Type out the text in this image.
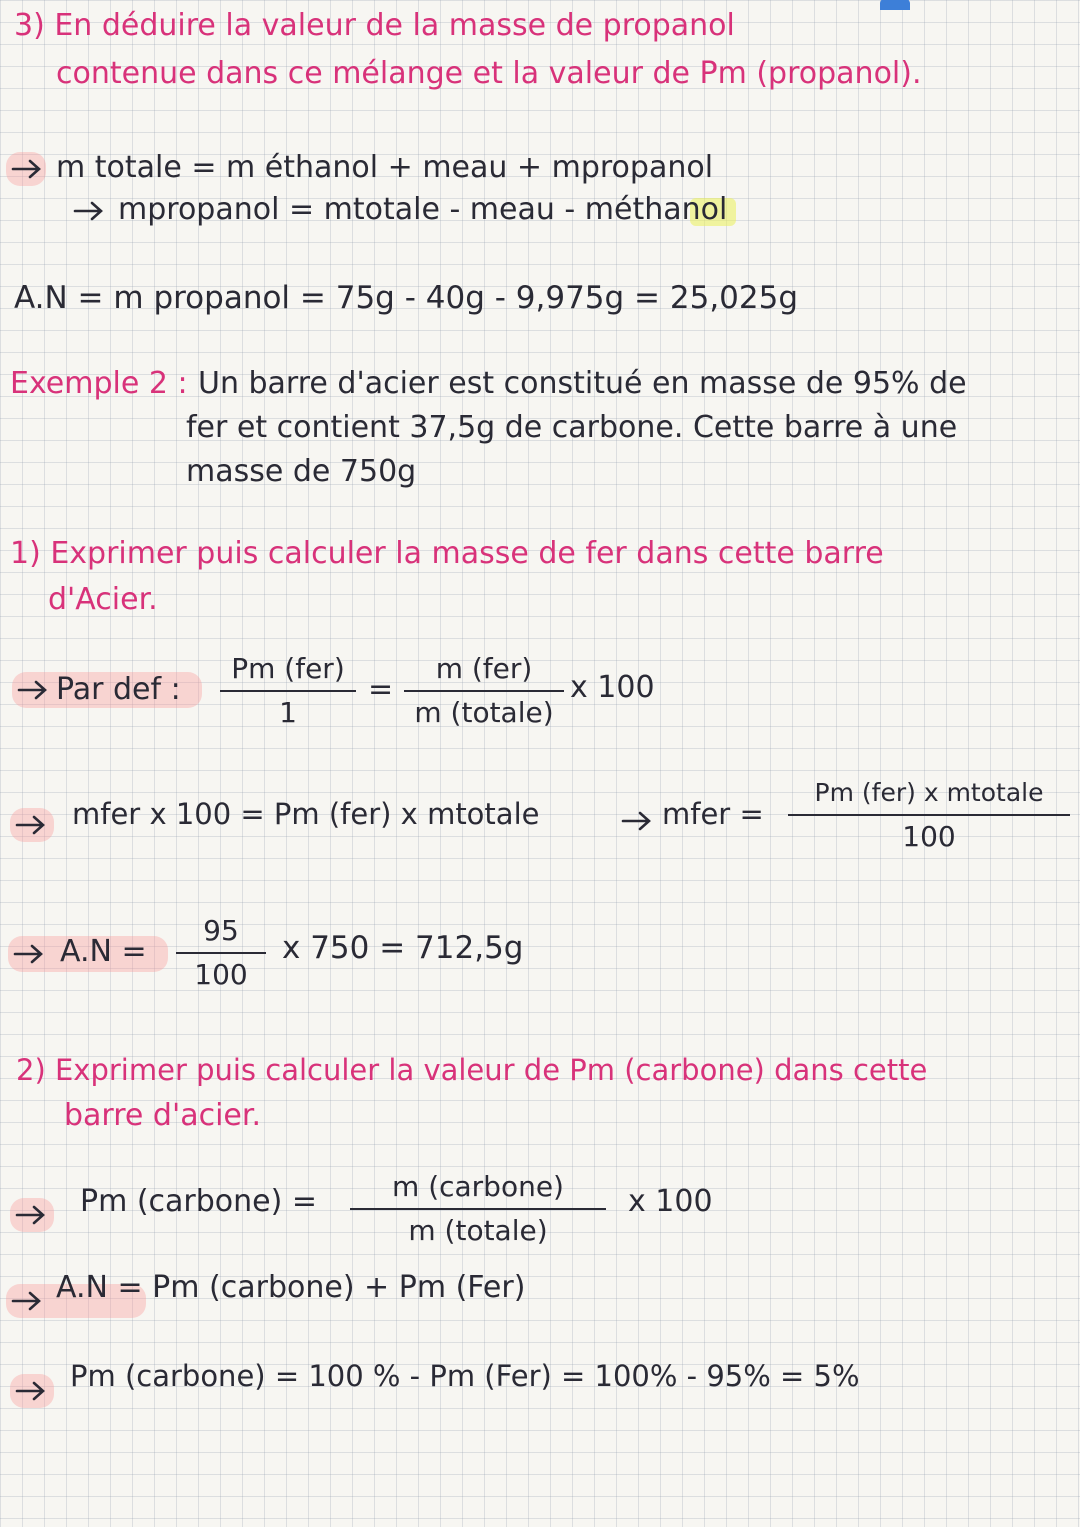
3) En déduire la valeur de la masse de propanol
contenue dans ce mélange et la valeur de Pm (propanol).
m totale = m éthanol + meau + mpropanol
mpropanol = mtotale - meau - méthanol
A.N = m propanol = 75g - 40g - 9,975g = 25,025g
Exemple 2 : Un barre d'acier est constitué en masse de 95% de
fer et contient 37,5g de carbone. Cette barre à une
masse de 750g
1) Exprimer puis calculer la masse de fer dans cette barre
d'Acier.
Par def :
Pm (fer)
1
=
m (fer)
m (totale)
x 100
mfer x 100 = Pm (fer) x mtotale	mfer =
Pm (fer) x mtotale
100
A.N =
95
100
x 750 = 712,5g
2) Exprimer puis calculer la valeur de Pm (carbone) dans cette
barre d'acier.
Pm (carbone) =	m (carbone)
m (totale)
x 100
A.N = Pm (carbone) + Pm (Fer)
Pm (carbone) = 100 % - Pm (Fer) = 100% - 95% = 5%
